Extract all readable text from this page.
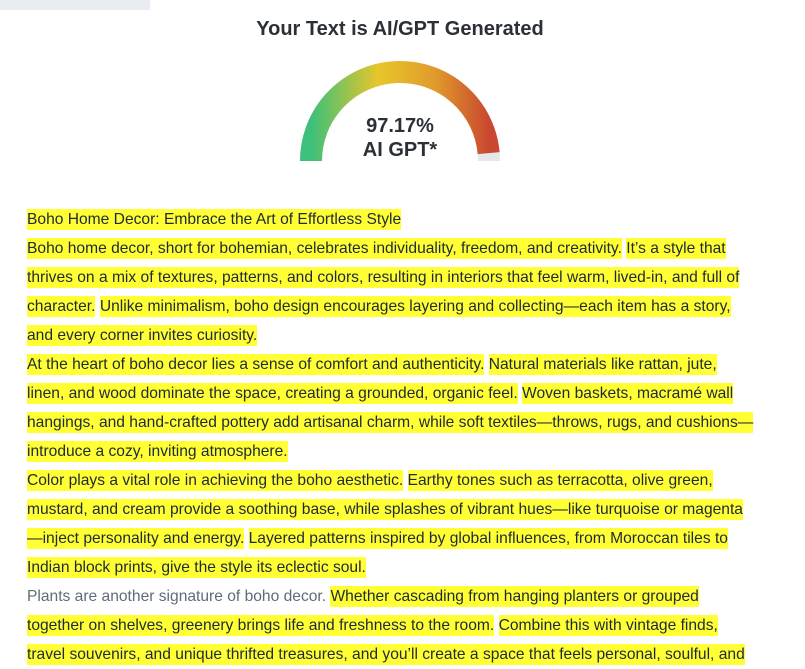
Your Text is AI/GPT Generated
97.17%
AI GPT*
Boho Home Decor: Embrace the Art of Effortless Style
Boho home decor, short for bohemian, celebrates individuality, freedom, and creativity. It’s a style that
thrives on a mix of textures, patterns, and colors, resulting in interiors that feel warm, lived-in, and full of
character. Unlike minimalism, boho design encourages layering and collecting—each item has a story,
and every corner invites curiosity.
At the heart of boho decor lies a sense of comfort and authenticity. Natural materials like rattan, jute,
linen, and wood dominate the space, creating a grounded, organic feel. Woven baskets, macramé wall
hangings, and hand-crafted pottery add artisanal charm, while soft textiles—throws, rugs, and cushions—
introduce a cozy, inviting atmosphere.
Color plays a vital role in achieving the boho aesthetic. Earthy tones such as terracotta, olive green,
mustard, and cream provide a soothing base, while splashes of vibrant hues—like turquoise or magenta
—inject personality and energy. Layered patterns inspired by global influences, from Moroccan tiles to
Indian block prints, give the style its eclectic soul.
Plants are another signature of boho decor. Whether cascading from hanging planters or grouped
together on shelves, greenery brings life and freshness to the room. Combine this with vintage finds,
travel souvenirs, and unique thrifted treasures, and you’ll create a space that feels personal, soulful, and
